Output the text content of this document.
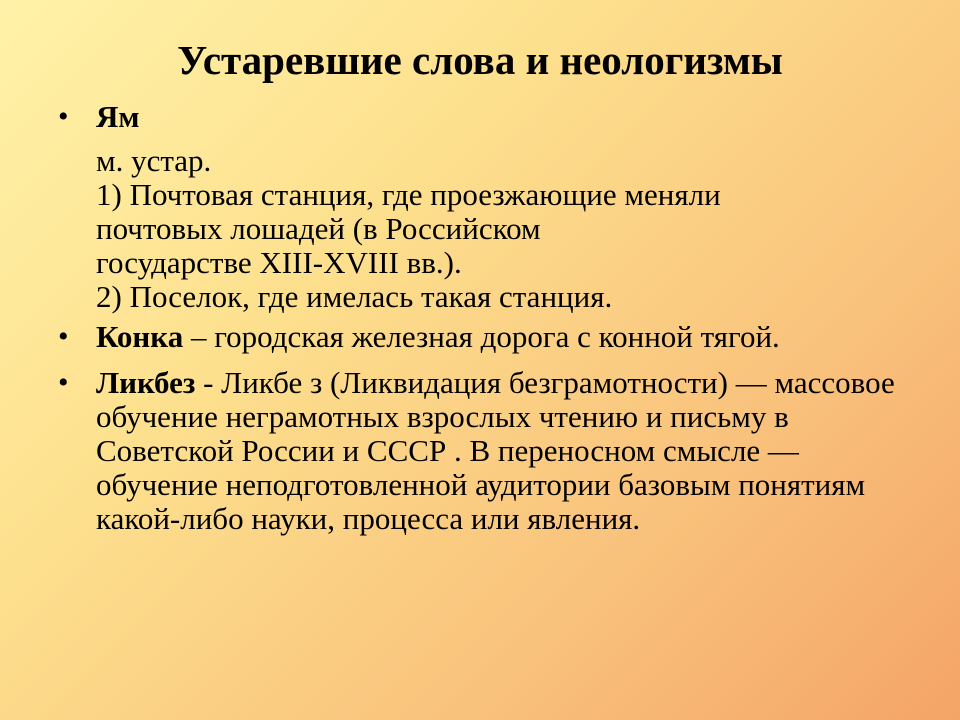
Устаревшие слова и неологизмы
• Ям
м. устар.
1) Почтовая станция, где проезжающие меняли
почтовых лошадей (в Российском
государстве XIII-XVIII вв.).
2) Поселок, где имелась такая станция.
• Конка – городская железная дорога с конной тягой.
• Ликбез - Ликбе з (Ликвидация безграмотности) — массовое обучение неграмотных взрослых чтению и письму в Советской России и СССР . В переносном смысле — обучение неподготовленной аудитории базовым понятиям какой-либо науки, процесса или явления.
